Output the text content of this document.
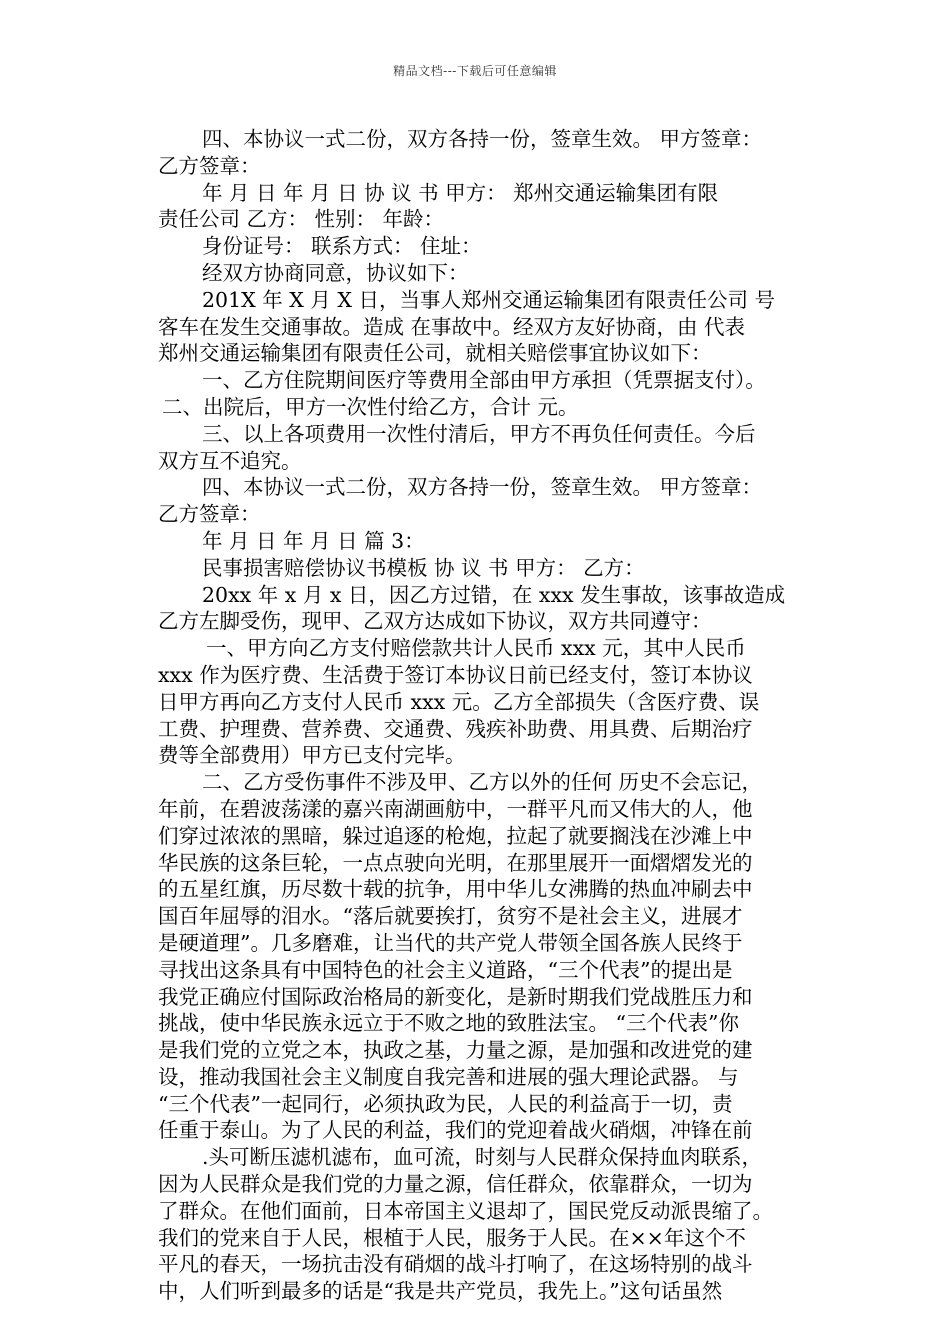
精品文档---下载后可任意编辑
四、本协议一式二份，双方各持一份，签章生效。 甲方签章：
乙方签章：
年 月 日 年 月 日 协 议 书 甲方： 郑州交通运输集团有限
责任公司 乙方： 性别： 年龄：
身份证号： 联系方式： 住址：
经双方协商同意，协议如下：
201X 年 X 月 X 日，当事人郑州交通运输集团有限责任公司 号
客车在发生交通事故。造成 在事故中。经双方友好协商，由 代表
郑州交通运输集团有限责任公司，就相关赔偿事宜协议如下：
一、乙方住院期间医疗等费用全部由甲方承担（凭票据支付）。
二、出院后，甲方一次性付给乙方，合计 元。
三、以上各项费用一次性付清后，甲方不再负任何责任。今后
双方互不追究。
四、本协议一式二份，双方各持一份，签章生效。 甲方签章：
乙方签章：
年 月 日 年 月 日 篇 3：
民事损害赔偿协议书模板 协 议 书 甲方： 乙方：
20xx 年 x 月 x 日，因乙方过错，在 xxx 发生事故，该事故造成
乙方左脚受伤，现甲、乙双方达成如下协议，双方共同遵守：
一、甲方向乙方支付赔偿款共计人民币 xxx 元，其中人民币
xxx 作为医疗费、生活费于签订本协议日前已经支付，签订本协议
日甲方再向乙方支付人民币 xxx 元。乙方全部损失（含医疗费、误
工费、护理费、营养费、交通费、残疾补助费、用具费、后期治疗
费等全部费用）甲方已支付完毕。
二、乙方受伤事件不涉及甲、乙方以外的任何 历史不会忘记，
年前，在碧波荡漾的嘉兴南湖画舫中，一群平凡而又伟大的人，他
们穿过浓浓的黑暗，躲过追逐的枪炮，拉起了就要搁浅在沙滩上中
华民族的这条巨轮，一点点驶向光明，在那里展开一面熠熠发光的
的五星红旗，历尽数十载的抗争，用中华儿女沸腾的热血冲刷去中
国百年屈辱的泪水。“落后就要挨打，贫穷不是社会主义，进展才
是硬道理”。几多磨难，让当代的共产党人带领全国各族人民终于
寻找出这条具有中国特色的社会主义道路，“三个代表”的提出是
我党正确应付国际政治格局的新变化，是新时期我们党战胜压力和
挑战，使中华民族永远立于不败之地的致胜法宝。 “三个代表”你
是我们党的立党之本，执政之基，力量之源，是加强和改进党的建
设，推动我国社会主义制度自我完善和进展的强大理论武器。 与
“三个代表”一起同行，必须执政为民，人民的利益高于一切，责
任重于泰山。为了人民的利益，我们的党迎着战火硝烟，冲锋在前
.头可断压滤机滤布，血可流，时刻与人民群众保持血肉联系，
因为人民群众是我们党的力量之源，信任群众，依靠群众，一切为
了群众。在他们面前，日本帝国主义退却了，国民党反动派畏缩了。
我们的党来自于人民，根植于人民，服务于人民。在××年这个不
平凡的春天，一场抗击没有硝烟的战斗打响了，在这场特别的战斗
中，人们听到最多的话是“我是共产党员，我先上。”这句话虽然
